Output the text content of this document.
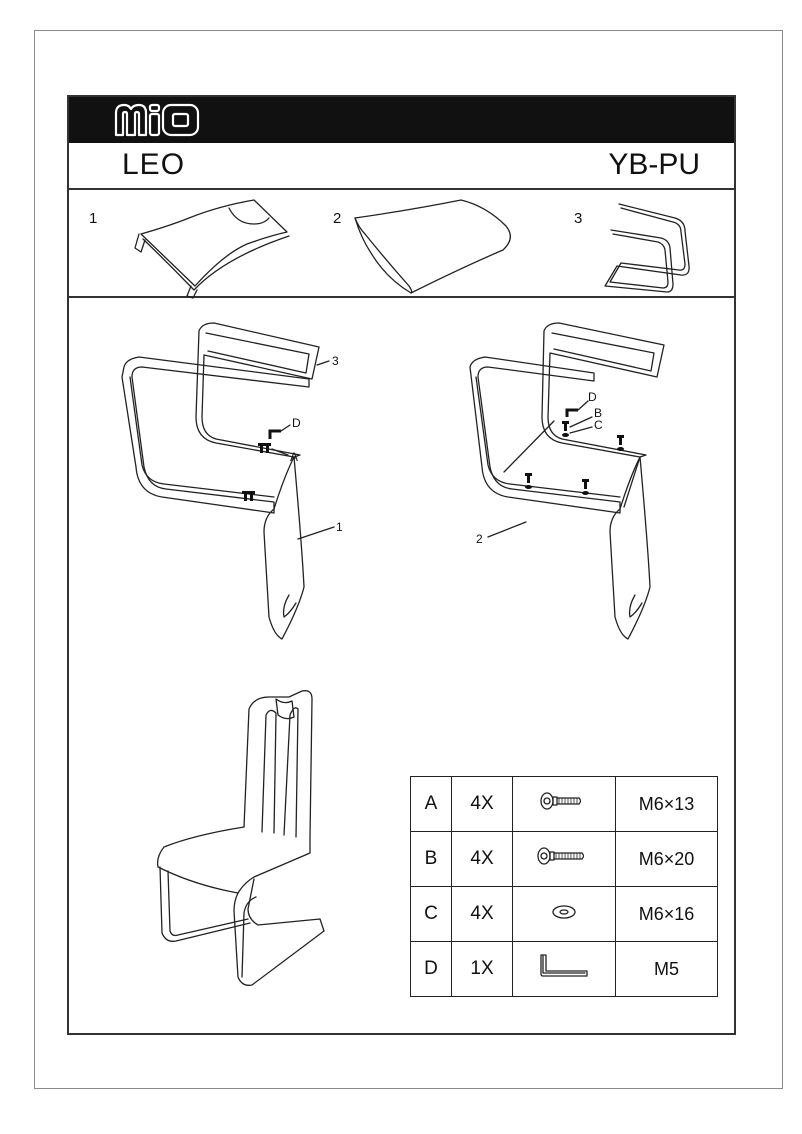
LEO	YB-PU
1	2	3
3
D
A
1
D
B
C
2
A	4X		M6×13
B	4X		M6×20
C	4X		M6×16
D	1X		M5
